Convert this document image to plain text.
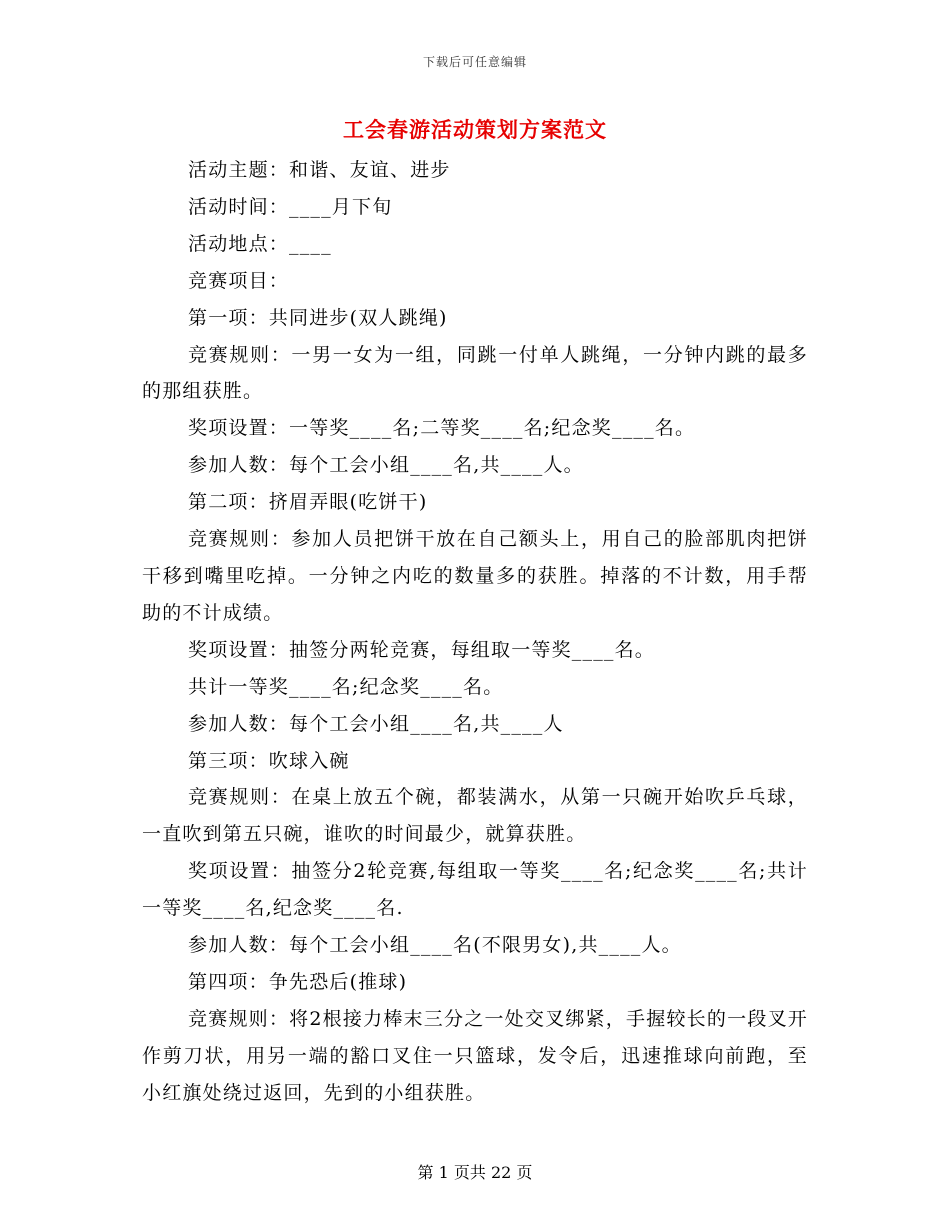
下载后可任意编辑
工会春游活动策划方案范文

活动主题：和谐、友谊、进步

活动时间：____月下旬

活动地点：____

竞赛项目：

第一项：共同进步(双人跳绳)

竞赛规则：一男一女为一组，同跳一付单人跳绳，一分钟内跳的最多的那组获胜。

奖项设置：一等奖____名;二等奖____名;纪念奖____名。

参加人数：每个工会小组____名,共____人。

第二项：挤眉弄眼(吃饼干)

竞赛规则：参加人员把饼干放在自己额头上，用自己的脸部肌肉把饼干移到嘴里吃掉。一分钟之内吃的数量多的获胜。掉落的不计数，用手帮助的不计成绩。

奖项设置：抽签分两轮竞赛，每组取一等奖____名。

共计一等奖____名;纪念奖____名。

参加人数：每个工会小组____名,共____人

第三项：吹球入碗

竞赛规则：在桌上放五个碗，都装满水，从第一只碗开始吹乒乓球，一直吹到第五只碗，谁吹的时间最少，就算获胜。

奖项设置：抽签分2轮竞赛,每组取一等奖____名;纪念奖____名;共计一等奖____名,纪念奖____名.

参加人数：每个工会小组____名(不限男女),共____人。

第四项：争先恐后(推球)

竞赛规则：将2根接力棒末三分之一处交叉绑紧，手握较长的一段叉开作剪刀状，用另一端的豁口叉住一只篮球，发令后，迅速推球向前跑，至小红旗处绕过返回，先到的小组获胜。

第 1 页共 22 页
